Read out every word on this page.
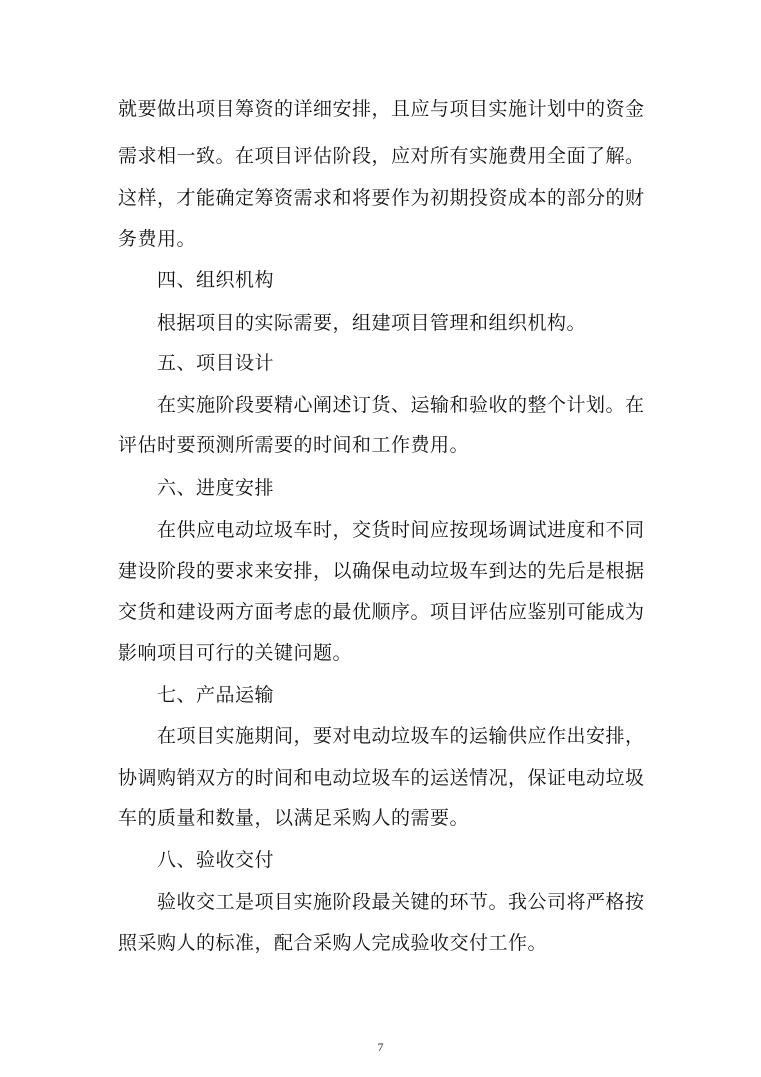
就要做出项目筹资的详细安排，且应与项目实施计划中的资金
需求相一致。在项目评估阶段，应对所有实施费用全面了解。
这样，才能确定筹资需求和将要作为初期投资成本的部分的财
务费用。
四、组织机构
根据项目的实际需要，组建项目管理和组织机构。
五、项目设计
在实施阶段要精心阐述订货、运输和验收的整个计划。在
评估时要预测所需要的时间和工作费用。
六、进度安排
在供应电动垃圾车时，交货时间应按现场调试进度和不同
建设阶段的要求来安排，以确保电动垃圾车到达的先后是根据
交货和建设两方面考虑的最优顺序。项目评估应鉴别可能成为
影响项目可行的关键问题。
七、产品运输
在项目实施期间，要对电动垃圾车的运输供应作出安排，
协调购销双方的时间和电动垃圾车的运送情况，保证电动垃圾
车的质量和数量，以满足采购人的需要。
八、验收交付
验收交工是项目实施阶段最关键的环节。我公司将严格按
照采购人的标准，配合采购人完成验收交付工作。
7
